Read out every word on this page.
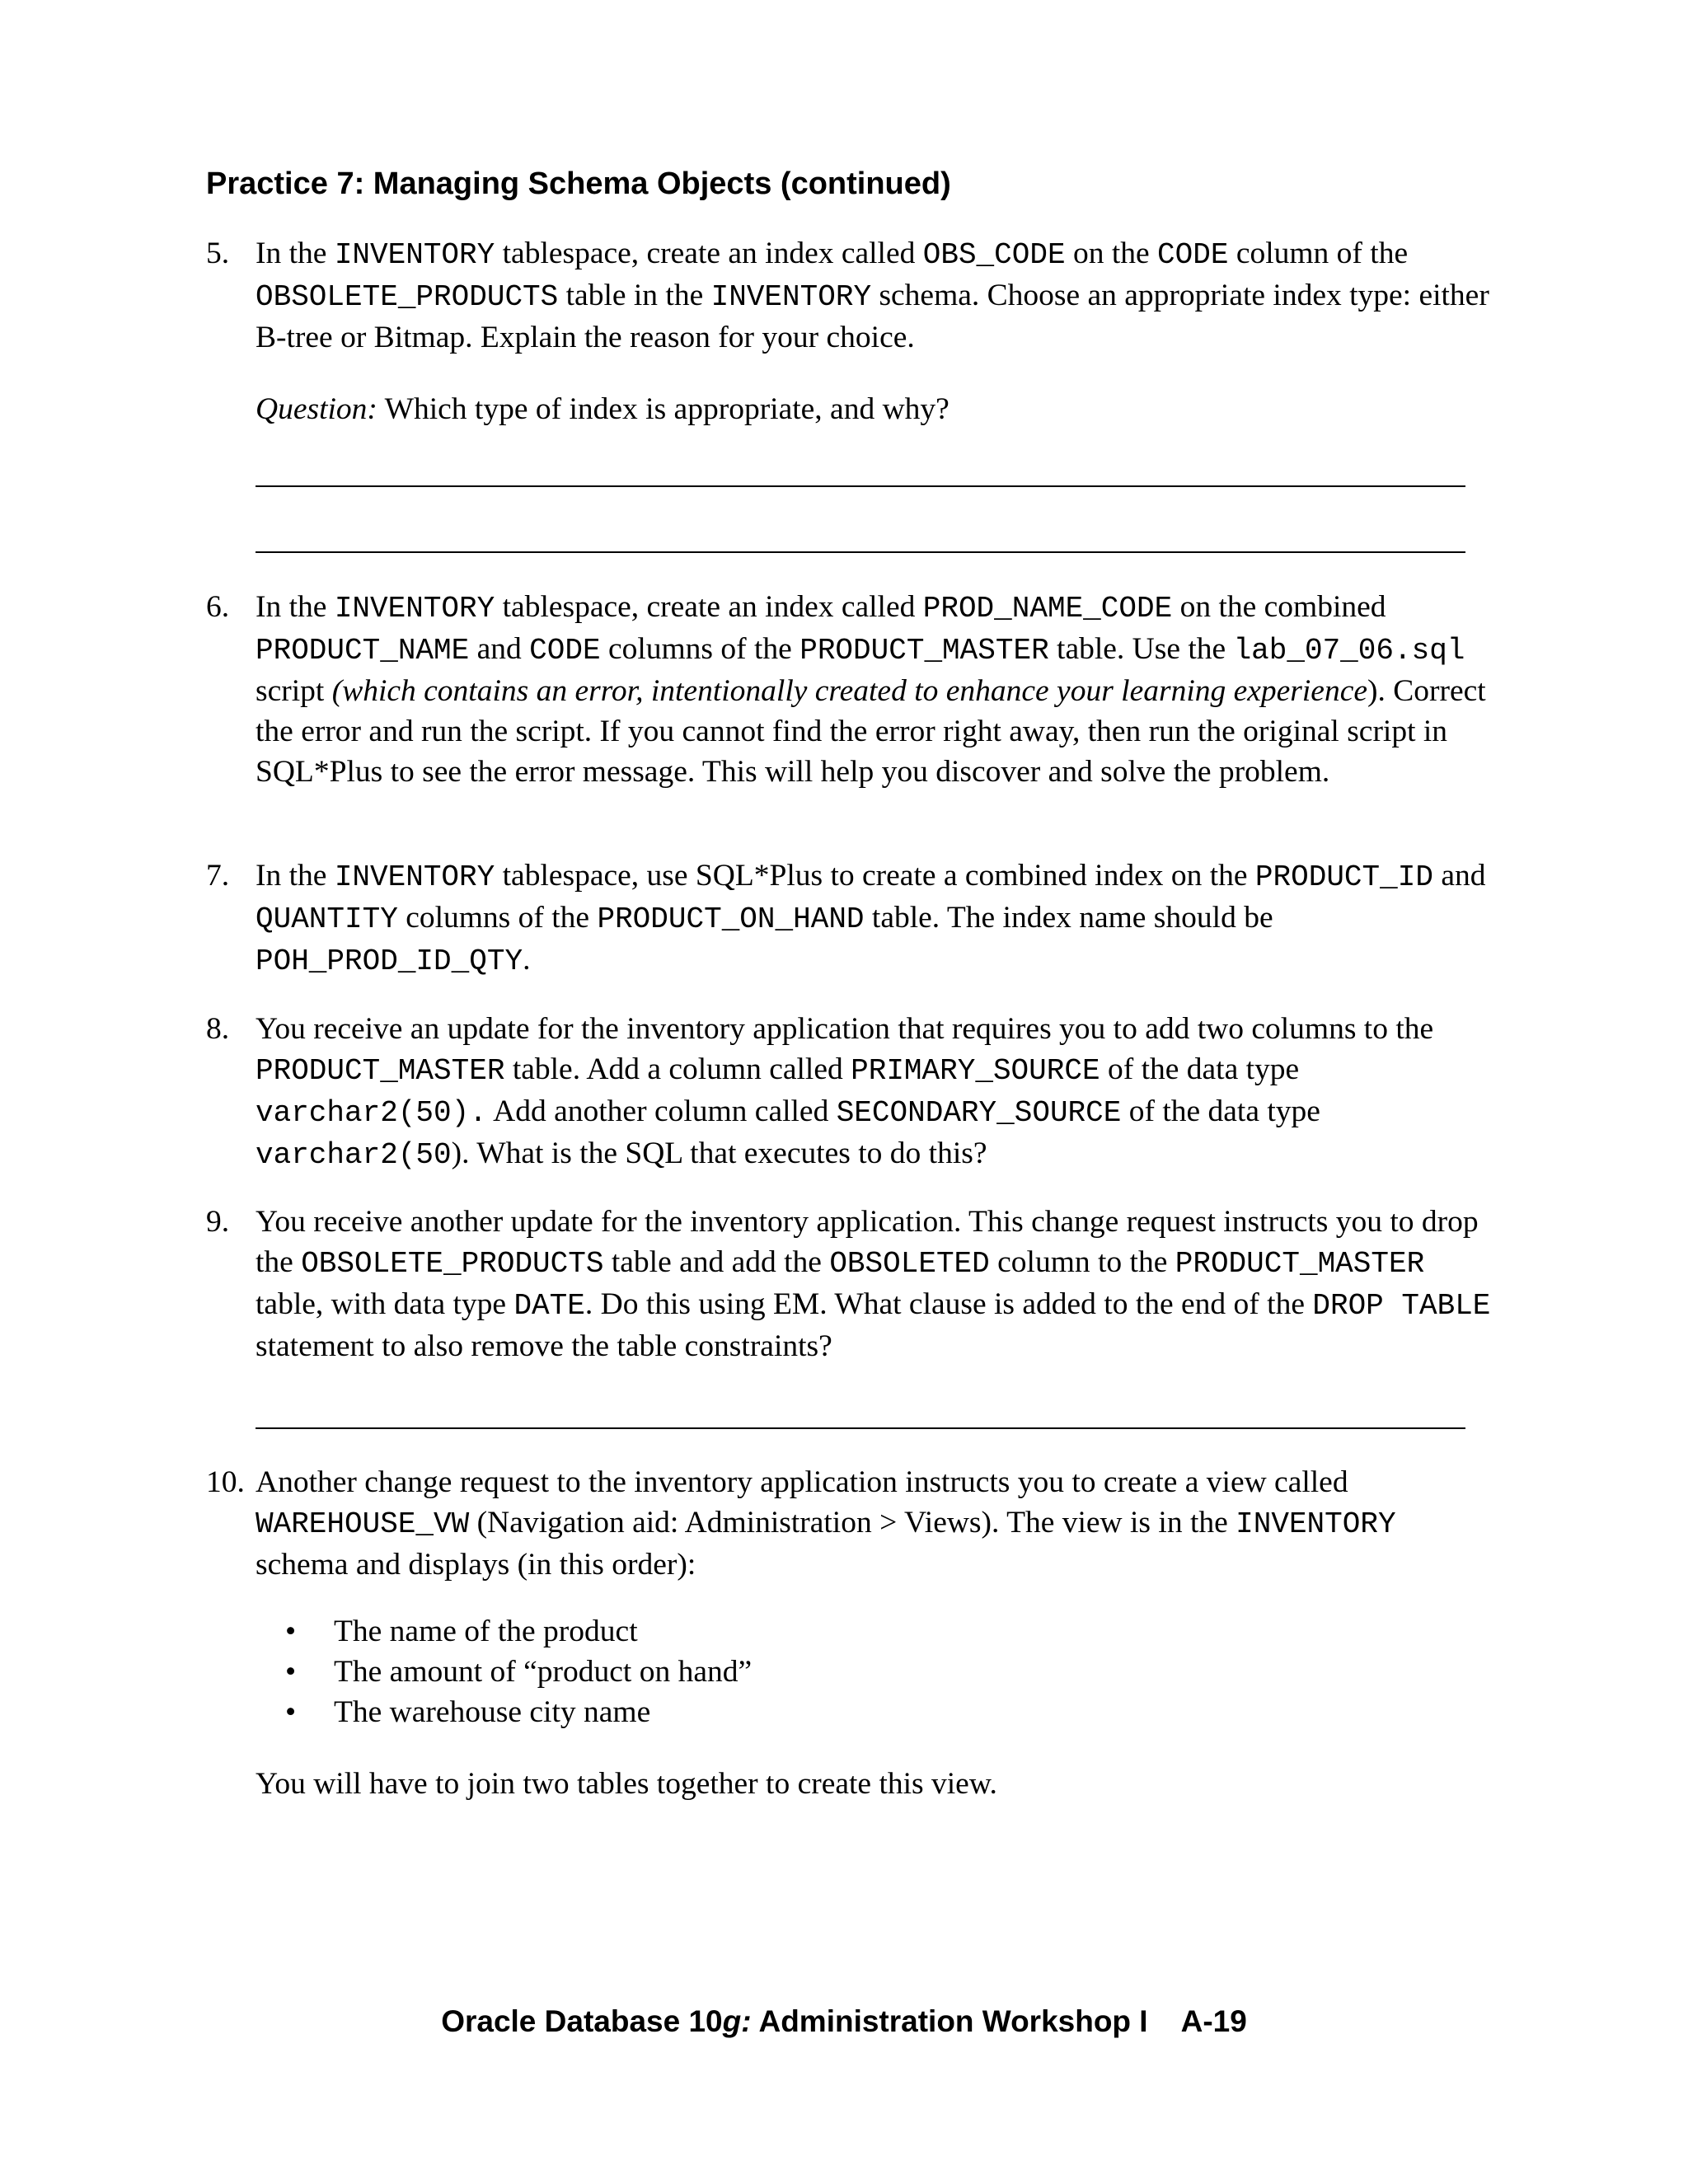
Practice 7: Managing Schema Objects (continued)
5. In the INVENTORY tablespace, create an index called OBS_CODE on the CODE column of the OBSOLETE_PRODUCTS table in the INVENTORY schema. Choose an appropriate index type: either B-tree or Bitmap. Explain the reason for your choice.

Question: Which type of index is appropriate, and why?

6. In the INVENTORY tablespace, create an index called PROD_NAME_CODE on the combined PRODUCT_NAME and CODE columns of the PRODUCT_MASTER table. Use the lab_07_06.sql script (which contains an error, intentionally created to enhance your learning experience). Correct the error and run the script. If you cannot find the error right away, then run the original script in SQL*Plus to see the error message. This will help you discover and solve the problem.

7. In the INVENTORY tablespace, use SQL*Plus to create a combined index on the PRODUCT_ID and QUANTITY columns of the PRODUCT_ON_HAND table. The index name should be POH_PROD_ID_QTY.

8. You receive an update for the inventory application that requires you to add two columns to the PRODUCT_MASTER table. Add a column called PRIMARY_SOURCE of the data type varchar2(50). Add another column called SECONDARY_SOURCE of the data type varchar2(50). What is the SQL that executes to do this?

9. You receive another update for the inventory application. This change request instructs you to drop the OBSOLETE_PRODUCTS table and add the OBSOLETED column to the PRODUCT_MASTER table, with data type DATE. Do this using EM. What clause is added to the end of the DROP TABLE statement to also remove the table constraints?

10. Another change request to the inventory application instructs you to create a view called WAREHOUSE_VW (Navigation aid: Administration > Views). The view is in the INVENTORY schema and displays (in this order):

• The name of the product
• The amount of “product on hand”
• The warehouse city name

You will have to join two tables together to create this view.

Oracle Database 10g: Administration Workshop I A-19
